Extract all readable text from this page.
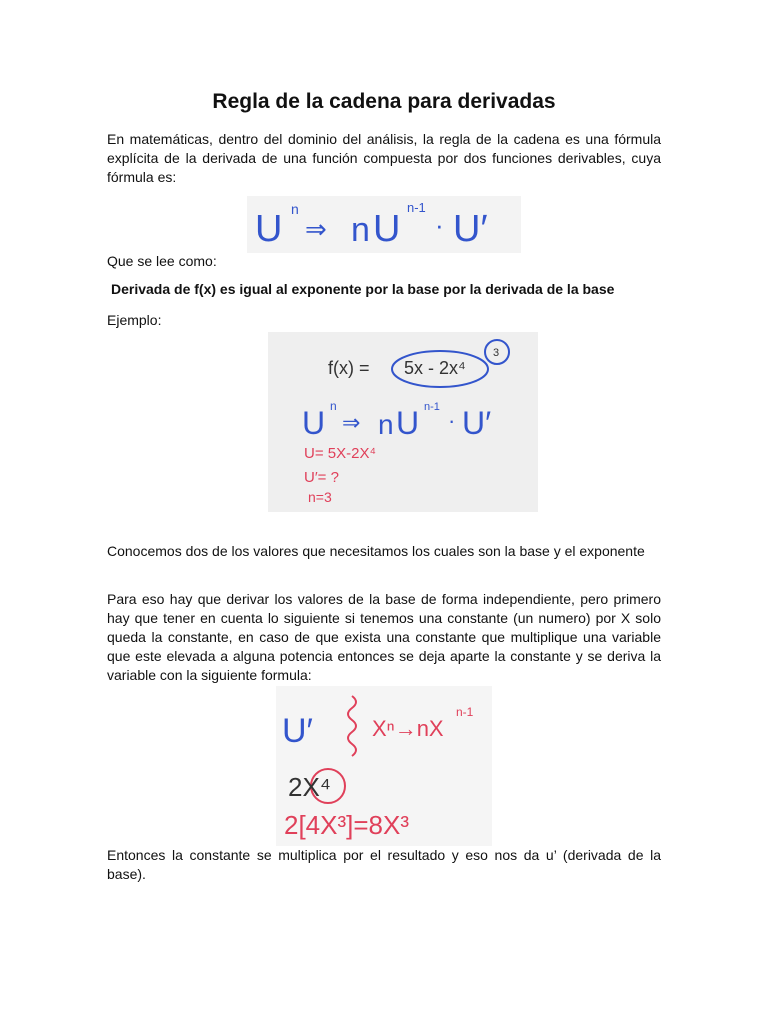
Regla de la cadena para derivadas

En matemáticas, dentro del dominio del análisis, la regla de la cadena es una fórmula explícita de la derivada de una función compuesta por dos funciones derivables, cuya fórmula es:

U n
⇒ n U
n-1
· U′

Que se lee como:

Derivada de f(x) es igual al exponente por la base por la derivada de la base

Ejemplo:

f(x) = 5x - 2x⁴
3
U n
⇒ n U n-1
· U′
U= 5X-2X⁴
U′= ?
n=3

Conocemos dos de los valores que necesitamos los cuales son la base y el exponente

Para eso hay que derivar los valores de la base de forma independiente, pero primero hay que tener en cuenta lo siguiente si tenemos una constante (un numero) por X solo queda la constante, en caso de que exista una constante que multiplique una variable que este elevada a alguna potencia entonces se deja aparte la constante y se deriva la variable con la siguiente formula:

U′	Xⁿ→nX
n-1
2X⁴
2[4X³]=8X³

Entonces la constante se multiplica por el resultado y eso nos da u’ (derivada de la base).
